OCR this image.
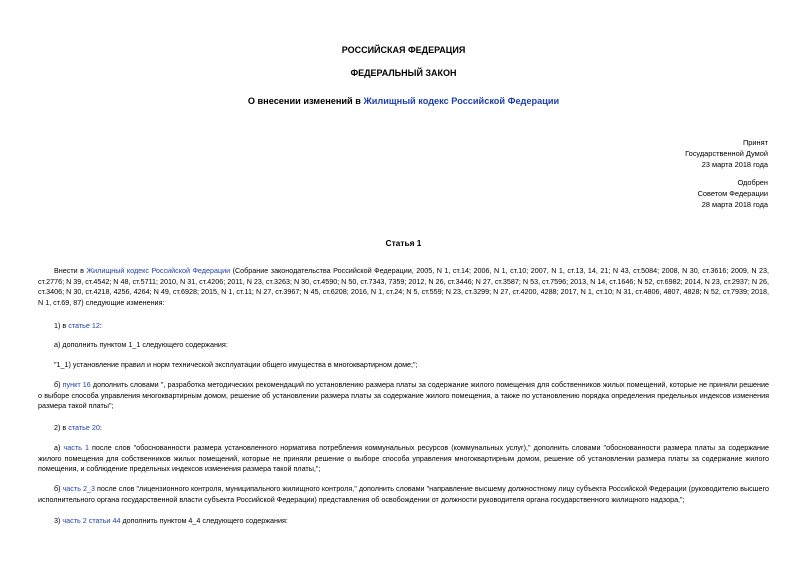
РОССИЙСКАЯ ФЕДЕРАЦИЯ
ФЕДЕРАЛЬНЫЙ ЗАКОН
О внесении изменений в Жилищный кодекс Российской Федерации
Принят
Государственной Думой
23 марта 2018 года
Одобрен
Советом Федерации
28 марта 2018 года
Статья 1
Внести в Жилищный кодекс Российской Федерации (Собрание законодательства Российской Федерации, 2005, N 1, ст.14; 2006, N 1, ст.10; 2007, N 1, ст.13, 14, 21; N 43, ст.5084; 2008, N 30, ст.3616; 2009, N 23, ст.2776; N 39, ст.4542; N 48, ст.5711; 2010, N 31, ст.4206; 2011, N 23, ст.3263; N 30, ст.4590; N 50, ст.7343, 7359; 2012, N 26, ст.3446; N 27, ст.3587; N 53, ст.7596; 2013, N 14, ст.1646; N 52, ст.6982; 2014, N 23, ст.2937; N 26, ст.3406; N 30, ст.4218, 4256, 4264; N 49, ст.6928; 2015, N 1, ст.11; N 27, ст.3967; N 45, ст.6208; 2016, N 1, ст.24; N 5, ст.559; N 23, ст.3299; N 27, ст.4200, 4288; 2017, N 1, ст.10; N 31, ст.4806, 4807, 4828; N 52, ст.7939; 2018, N 1, ст.69, 87) следующие изменения:
1) в статье 12:
а) дополнить пунктом 1_1 следующего содержания:
"1_1) установление правил и норм технической эксплуатации общего имущества в многоквартирном доме;";
б) пункт 16 дополнить словами ", разработка методических рекомендаций по установлению размера платы за содержание жилого помещения для собственников жилых помещений, которые не приняли решение о выборе способа управления многоквартирным домом, решение об установлении размера платы за содержание жилого помещения, а также по установлению порядка определения предельных индексов изменения размера такой платы";
2) в статье 20:
а) часть 1 после слов "обоснованности размера установленного норматива потребления коммунальных ресурсов (коммунальных услуг)," дополнить словами "обоснованности размера платы за содержание жилого помещения для собственников жилых помещений, которые не приняли решение о выборе способа управления многоквартирным домом, решение об установлении размера платы за содержание жилого помещения, и соблюдение предельных индексов изменения размера такой платы,";
б) часть 2_3 после слов "лицензионного контроля, муниципального жилищного контроля," дополнить словами "направление высшему должностному лицу субъекта Российской Федерации (руководителю высшего исполнительного органа государственной власти субъекта Российской Федерации) представления об освобождении от должности руководителя органа государственного жилищного надзора,";
3) часть 2 статьи 44 дополнить пунктом 4_4 следующего содержания:
